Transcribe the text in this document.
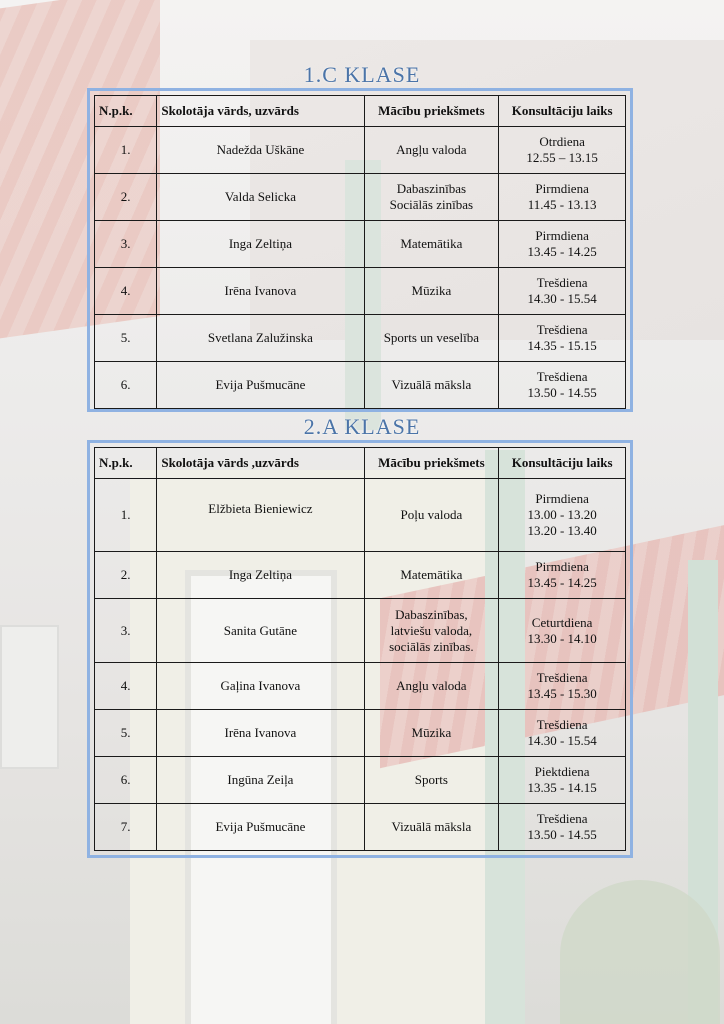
1.C KLASE
N.p.k.	Skolotāja vārds, uzvārds	Mācību priekšmets	Konsultāciju laiks
1.	Nadežda Uškāne	Angļu valoda	Otrdiena
12.55 – 13.15

2.	Valda Selicka	Dabaszinības
Sociālās zinības	Pirmdiena
11.45 - 13.13

3.	Inga Zeltiņa	Matemātika	Pirmdiena
13.45 - 14.25

4.	Irēna Ivanova	Mūzika	Trešdiena
14.30 - 15.54

5.	Svetlana Zalužinska	Sports un veselība	Trešdiena
14.35 - 15.15

6.	Evija Pušmucāne	Vizuālā māksla	Trešdiena
13.50 - 14.55
2.A KLASE
N.p.k.	Skolotāja vārds ,uzvārds	Mācību priekšmets	Konsultāciju laiks
1.	Elžbieta Bieniewicz	Poļu valoda	Pirmdiena
13.00 - 13.20
13.20 - 13.40

2.	Inga Zeltiņa	Matemātika	Pirmdiena
13.45 - 14.25

3.	Sanita Gutāne	Dabaszinības,
latviešu valoda,
sociālās zinības.	Ceturtdiena
13.30 - 14.10

4.	Gaļina Ivanova	Angļu valoda	Trešdiena
13.45 - 15.30

5.	Irēna Ivanova	Mūzika	Trešdiena
14.30 - 15.54

6.	Ingūna Zeiļa	Sports	Piektdiena
13.35 - 14.15

7.	Evija Pušmucāne	Vizuālā māksla	Trešdiena
13.50 - 14.55
